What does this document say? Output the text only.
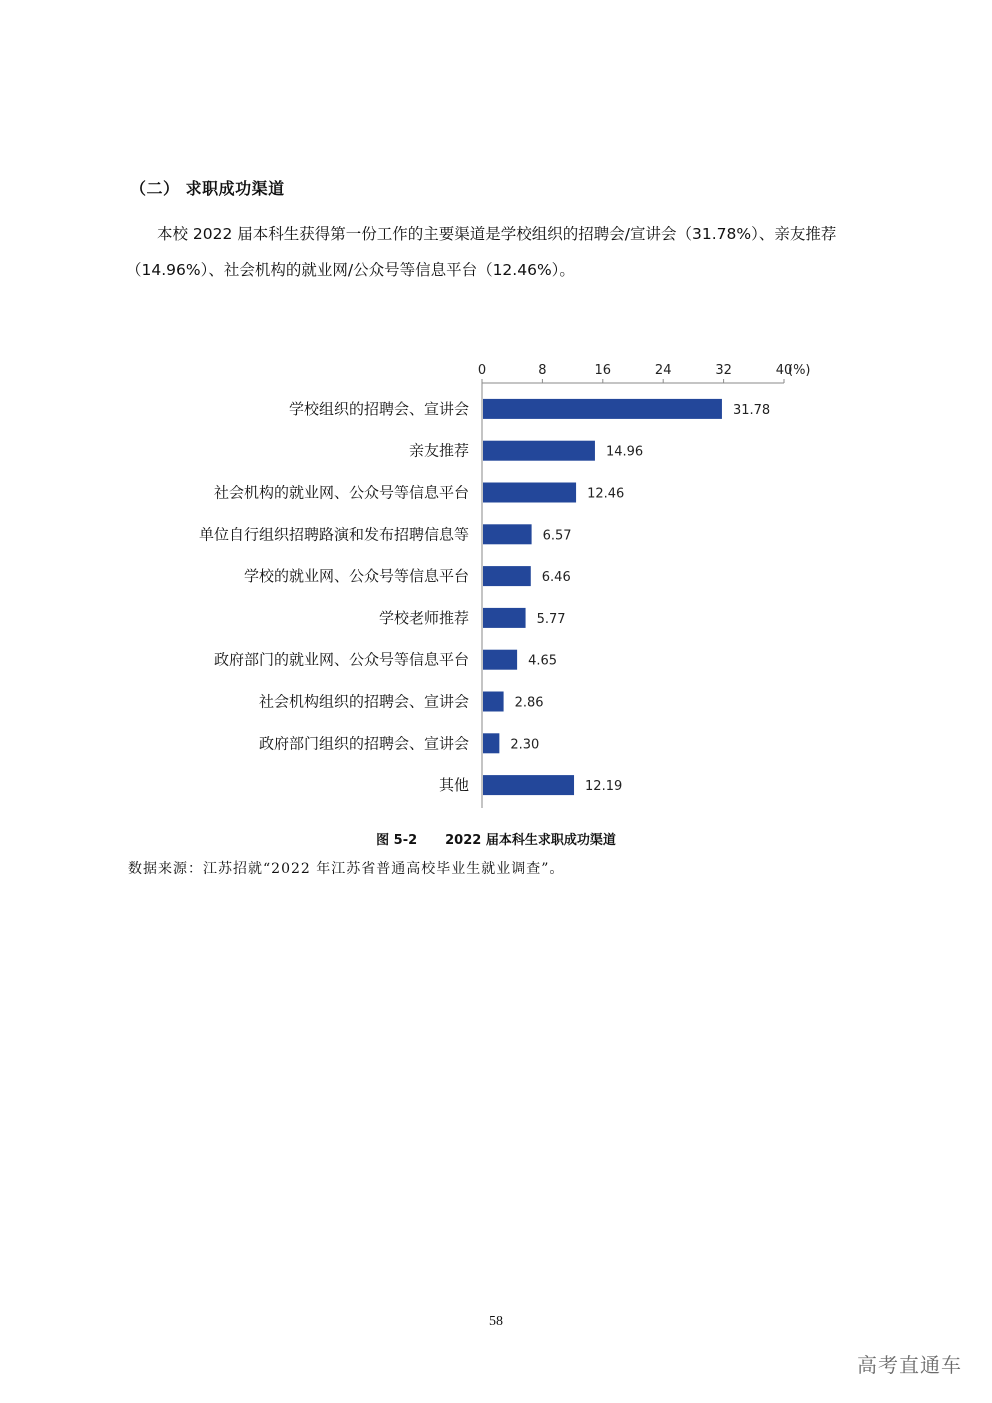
（二） 求职成功渠道
本校 2022 届本科生获得第一份工作的主要渠道是学校组织的招聘会/宣讲会（31.78%）、亲友推荐（14.96%）、社会机构的就业网/公众号等信息平台（12.46%）。
0	8	16	24	32	40
(%)
学校组织的招聘会、宣讲会	31.78
亲友推荐	14.96
社会机构的就业网、公众号等信息平台	12.46
单位自行组织招聘路演和发布招聘信息等	6.57
学校的就业网、公众号等信息平台	6.46
学校老师推荐	5.77
政府部门的就业网、公众号等信息平台	4.65
社会机构组织的招聘会、宣讲会	2.86
政府部门组织的招聘会、宣讲会	2.30
其他	12.19
图 5-2 2022 届本科生求职成功渠道
数据来源：江苏招就“2022 年江苏省普通高校毕业生就业调查”。
58
高考直通车
